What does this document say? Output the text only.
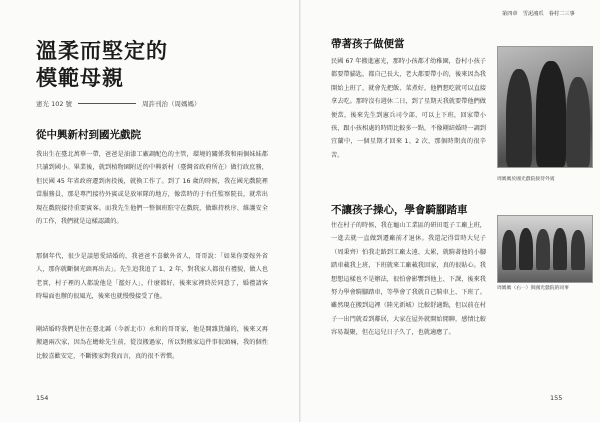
溫柔而堅定的
模範母親
憲光 102 號	周許刊治（周媽媽）
從中興新村到國光戲院

我出生在臺北萬華一帶，爸爸是油漆工廠調配色的主管，環境的關係我和兩個妹妹都只讀到國小。畢業後，就到植物園附近的中興新村（臺灣省政府所在）做行政庶務，但民國 45 年省政府遷到南投後，就換工作了。到了 16 歲的時候，我在國光戲院裡當服務員，那是專門接待外賓或是放軍隊的地方，像當時的于右任監察院長，就常出現在戲院接待重要賓客。而我先生他們一整個班駐守在戲院，做維持秩序、維護安全的工作，我們就是這樣認識的。

那個年代，很少是談戀愛結婚的，我爸爸不喜歡外省人，哥哥說：「如果你要嫁外省人，那你就斷個光頭再出去」。先生追我追了 1、2 年，對我家人都很有禮貌，做人也老實，村子裡的人都說他是「濫好人」，什麼都好，後來家裡終於同意了，婚禮請客時場面也辦的很風光，後來也就慢慢接受了他。

剛結婚時我們是住在臺北縣（今新北市）永和的哥哥家，他是開雜貨舖的，後來又再搬過兩次家，因為在蟾蜍先生前，從沒搬過家，所以對搬家這件事很頭痛，我的個性比較喜歡安定，不斷搬家對我而言，真的很不習慣。

154

第四章　雪泥鴻爪　眷村二三事
帶著孩子做便當

民國 67 年搬進憲光，那時小孩都才幼稚園，眷村小孩子都要帶貓匙，都自己長大，老大都要帶小的，後來因為我開始上班了，就會先把飯、菜煮好，他們想吃就可以直接拿去吃。那時沒有週休二日，到了星期天我就要帶他們做便當，後來先生到憲兵司令部，可以上下班，回家帶小孩，跟小孩相處的時間比較多一點，不像剛結婚時一調到宜蘭中，一個星期才回來 1、2 次，那個時期真的很辛苦。

不讓孩子操心，學會騎腳踏車

住在村子的時候，我在龜山工業區的研田電子工廠上班，一進去就一直做到遷廠前才退休。我還記得當時大兒子（周秉齊）怕我走路到工廠太遠、太累，就騎著他的小腳踏車載我上班，下班就來工廠載我回家，真的很貼心。我想想這樣也不是辦法，很怕會影響到他上、下課，後來我努力學會騎腳踏車，等學會了我就自己騎車上、下班了。雖然現在搬到這裡（陸光新城）比較舒適點，但以前在村子一出門就看到鄰居，大家在屋外就開始閒聊，感情比較容易凝聚，但在這兒日子久了，也就適應了。

周媽媽於國光戲院接待外賓

周媽媽（右一）與國光戲院的同事

155
